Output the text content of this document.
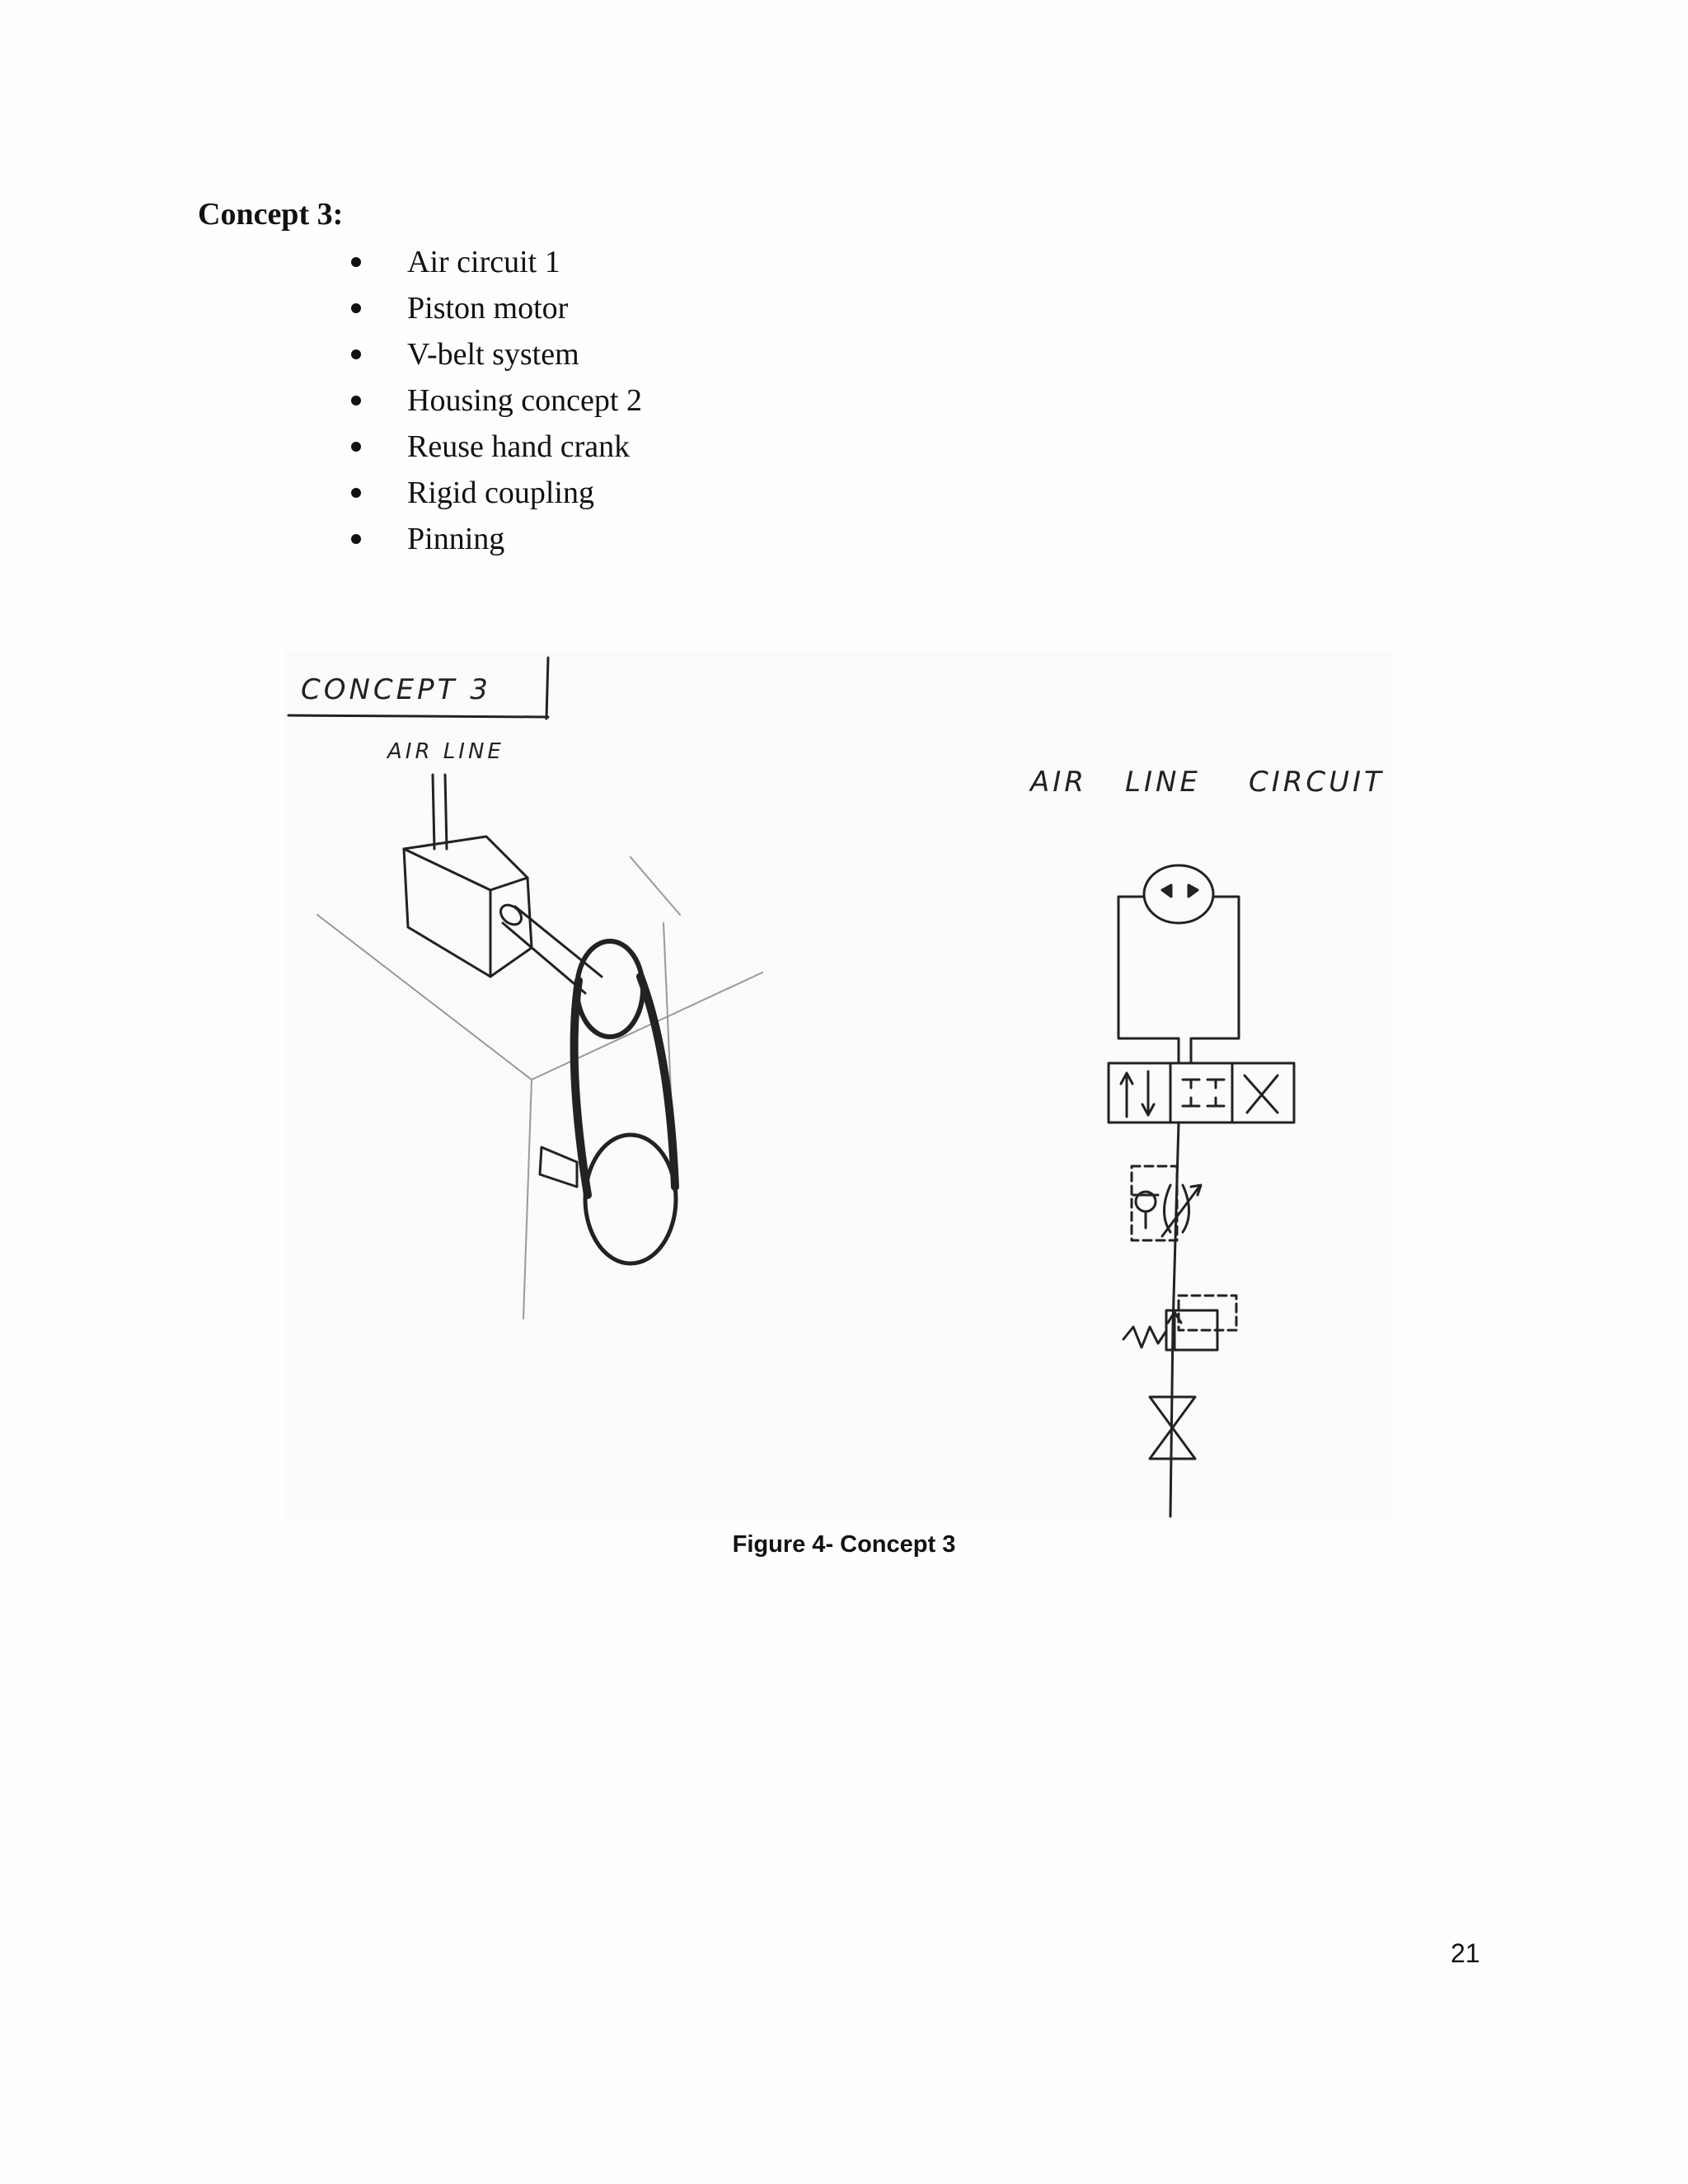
Concept 3:
Air circuit 1
Piston motor
V-belt system
Housing concept 2
Reuse hand crank
Rigid coupling
Pinning
CONCEPT 3
AIR LINE
AIR LINE CIRCUIT
Figure 4- Concept 3
21
